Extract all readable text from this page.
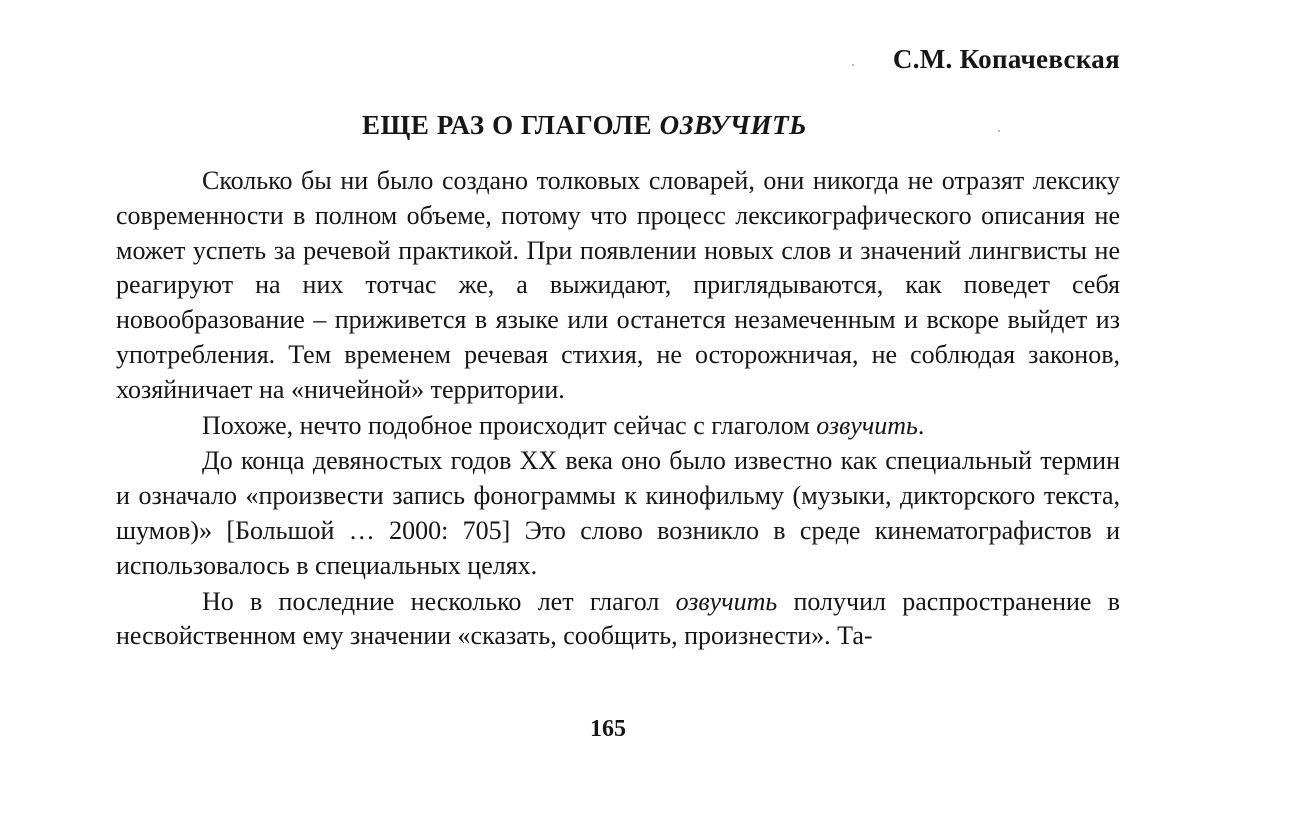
С.М. Копачевская
ЕЩЕ РАЗ О ГЛАГОЛЕ ОЗВУЧИТЬ

Сколько бы ни было создано толковых словарей, они никогда не отразят лексику современности в полном объеме, потому что процесс лексикографического описания не может успеть за речевой практикой. При появлении новых слов и значений лингвисты не реагируют на них тотчас же, а выжидают, приглядываются, как поведет себя новообразование – приживется в языке или останется незамеченным и вскоре выйдет из употребления. Тем временем речевая стихия, не осторожничая, не соблюдая законов, хозяйничает на «ничейной» территории.

Похоже, нечто подобное происходит сейчас с глаголом озвучить.

До конца девяностых годов XX века оно было известно как специальный термин и означало «произвести запись фонограммы к кинофильму (музыки, дикторского текста, шумов)» [Большой … 2000: 705] Это слово возникло в среде кинематографистов и использовалось в специальных целях.

Но в последние несколько лет глагол озвучить получил распространение в несвойственном ему значении «сказать, сообщить, произнести». Та-

165
